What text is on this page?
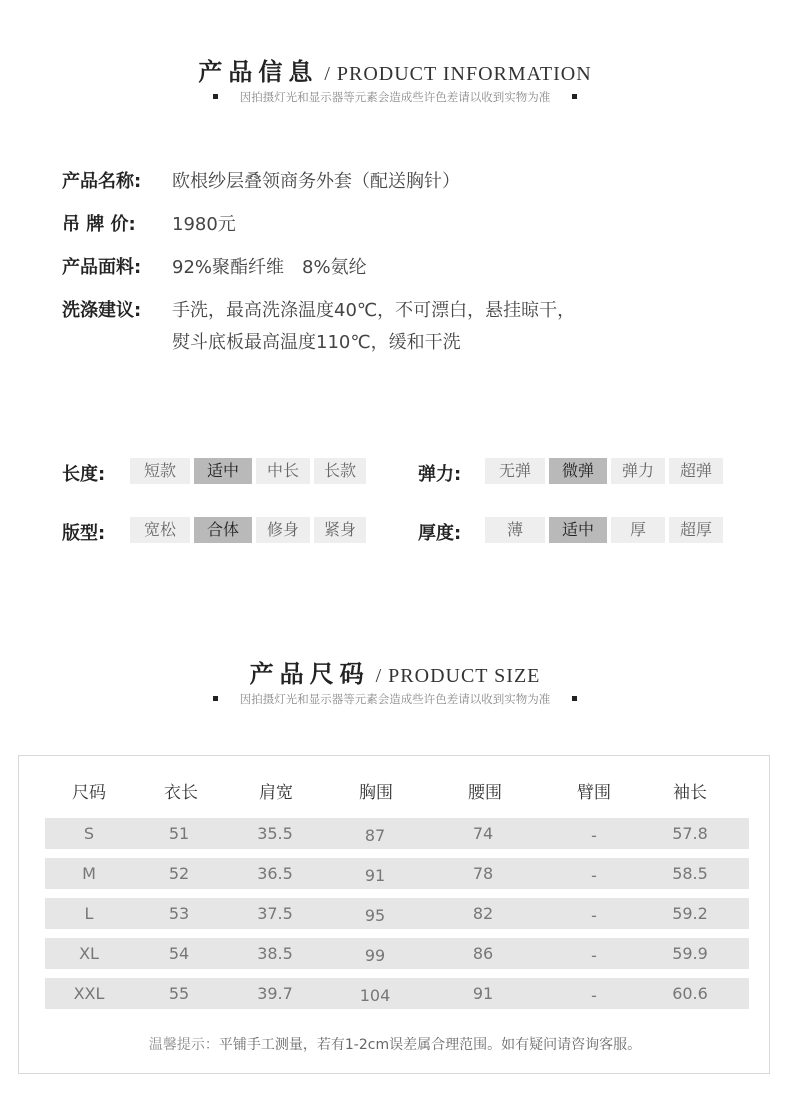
产品信息 / PRODUCT INFORMATION
因拍摄灯光和显示器等元素会造成些许色差请以收到实物为准
产品名称: 欧根纱层叠领商务外套（配送胸针）
吊 牌 价: 1980元
产品面料: 92%聚酯纤维　8%氨纶
洗涤建议: 手洗，最高洗涤温度40℃，不可漂白，悬挂晾干，
熨斗底板最高温度110℃，缓和干洗
长度:	短款	适中	中长	长款	弹力:	无弹	微弹	弹力	超弹
版型:	宽松	合体	修身	紧身	厚度:	薄	适中	厚	超厚
产品尺码 / PRODUCT SIZE
因拍摄灯光和显示器等元素会造成些许色差请以收到实物为准
尺码	衣长	肩宽	胸围	腰围	臂围	袖长
S	51	35.5	87	74	-	57.8
M	52	36.5	91	78	-	58.5
L	53	37.5	95	82	-	59.2
XL	54	38.5	99	86	-	59.9
XXL	55	39.7	104	91	-	60.6
温馨提示：平铺手工测量，若有1-2cm误差属合理范围。如有疑问请咨询客服。
